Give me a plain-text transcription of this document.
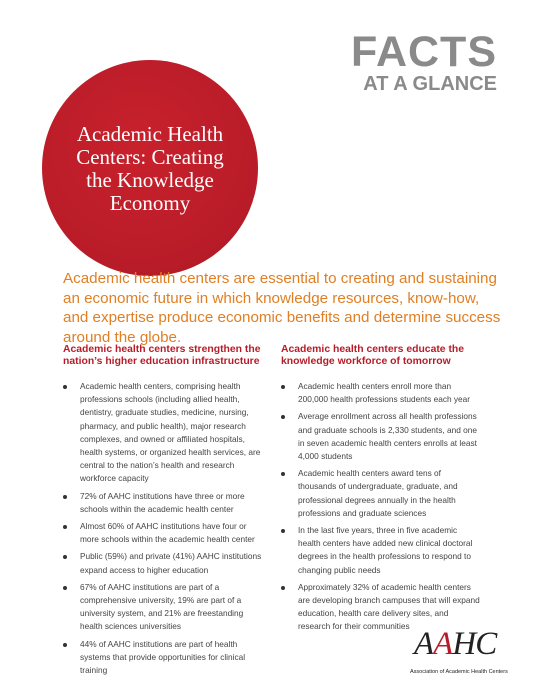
FACTS
AT A GLANCE
Academic Health Centers: Creating the Knowledge Economy
Academic health centers are essential to creating and sustaining an economic future in which knowledge resources, know-how, and expertise produce economic benefits and determine success around the globe.
Academic health centers strengthen the
nation’s higher education infrastructure
Academic health centers, comprising health professions schools (including allied health, dentistry, graduate studies, medicine, nursing, pharmacy, and public health), major research complexes, and owned or affiliated hospitals, health systems, or organized health services, are central to the nation’s health and research workforce capacity
72% of AAHC institutions have three or more schools within the academic health center
Almost 60% of AAHC institutions have four or more schools within the academic health center
Public (59%) and private (41%) AAHC institutions expand access to higher education
67% of AAHC institutions are part of a comprehensive university, 19% are part of a university system, and 21% are freestanding health sciences universities
44% of AAHC institutions are part of health systems that provide opportunities for clinical training
Academic health centers educate the
knowledge workforce of tomorrow
Academic health centers enroll more than 200,000 health professions students each year
Average enrollment across all health professions and graduate schools is 2,330 students, and one in seven academic health centers enrolls at least 4,000 students
Academic health centers award tens of thousands of undergraduate, graduate, and professional degrees annually in the health professions and graduate sciences
In the last five years, three in five academic health centers have added new clinical doctoral degrees in the health professions to respond to changing public needs
Approximately 32% of academic health centers are developing branch campuses that will expand education, health care delivery sites, and research for their communities AAHC
Association of Academic Health Centers
